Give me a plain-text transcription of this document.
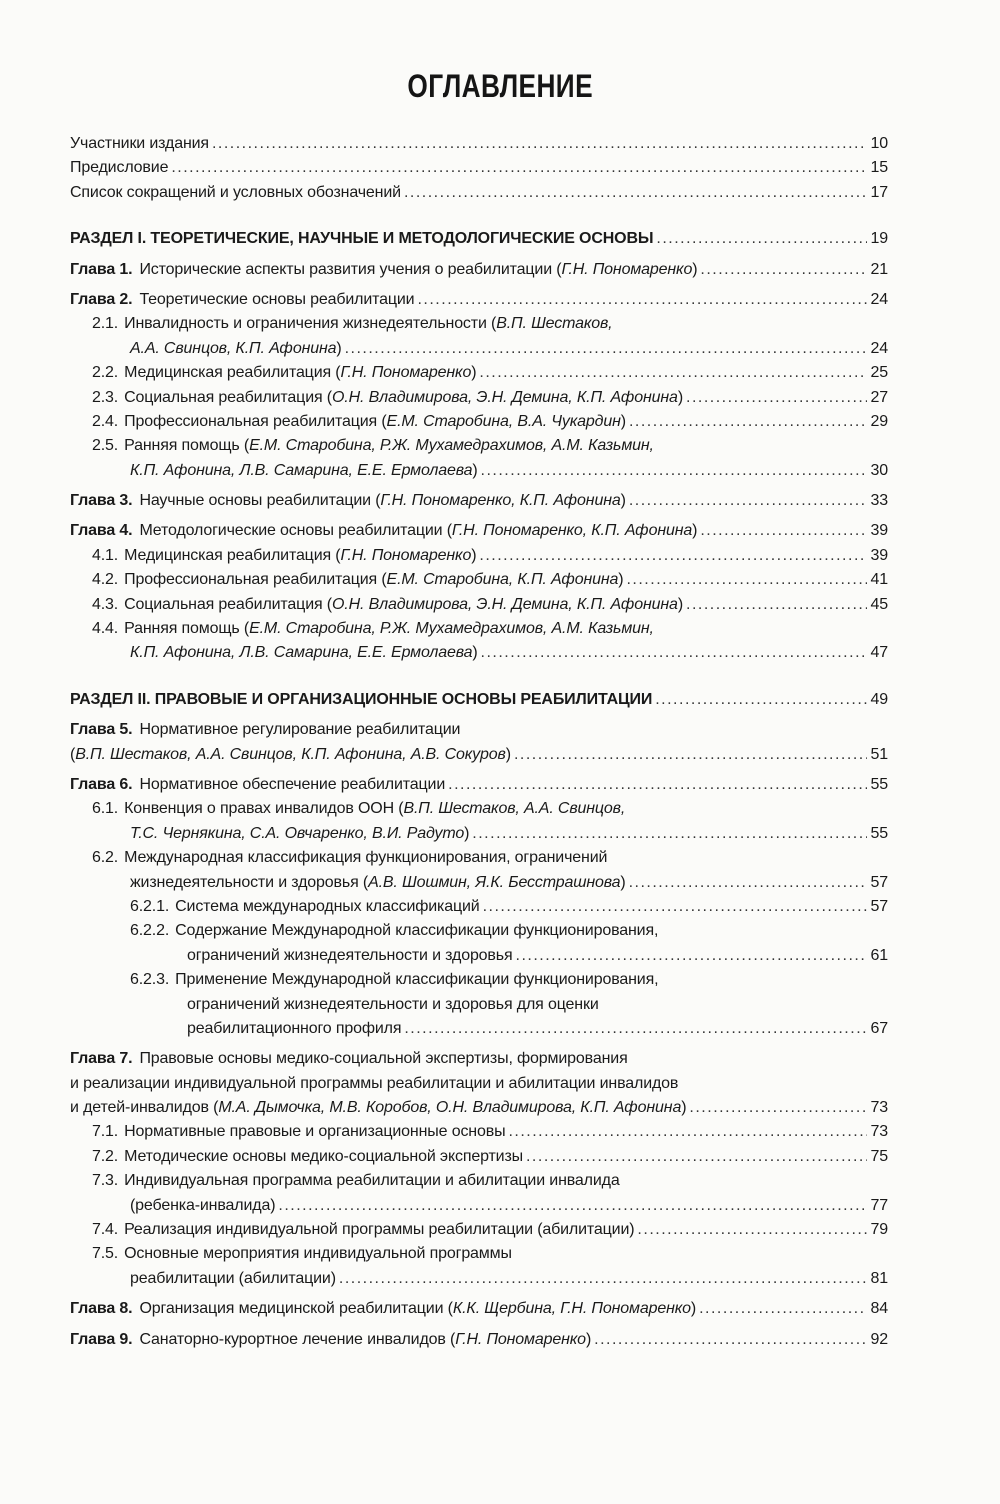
ОГЛАВЛЕНИЕ
Участники издания .....	10
Предисловие .....	15
Список сокращений и условных обозначений .....	17
РАЗДЕЛ I. ТЕОРЕТИЧЕСКИЕ, НАУЧНЫЕ И МЕТОДОЛОГИЧЕСКИЕ ОСНОВЫ .....	19
Глава 1. Исторические аспекты развития учения о реабилитации (Г.Н. Пономаренко) .....	21
Глава 2. Теоретические основы реабилитации .....	24
2.1. Инвалидность и ограничения жизнедеятельности (В.П. Шестаков,
А.А. Свинцов, К.П. Афонина) .....	24
2.2. Медицинская реабилитация (Г.Н. Пономаренко) .....	25
2.3. Социальная реабилитация (О.Н. Владимирова, Э.Н. Демина, К.П. Афонина) .....	27
2.4. Профессиональная реабилитация (Е.М. Старобина, В.А. Чукардин) .....	29
2.5. Ранняя помощь (Е.М. Старобина, Р.Ж. Мухамедрахимов, А.М. Казьмин,
К.П. Афонина, Л.В. Самарина, Е.Е. Ермолаева) .....	30
Глава 3. Научные основы реабилитации (Г.Н. Пономаренко, К.П. Афонина) .....	33
Глава 4. Методологические основы реабилитации (Г.Н. Пономаренко, К.П. Афонина) .....	39
4.1. Медицинская реабилитация (Г.Н. Пономаренко) .....	39
4.2. Профессиональная реабилитация (Е.М. Старобина, К.П. Афонина) .....	41
4.3. Социальная реабилитация (О.Н. Владимирова, Э.Н. Демина, К.П. Афонина) .....	45
4.4. Ранняя помощь (Е.М. Старобина, Р.Ж. Мухамедрахимов, А.М. Казьмин,
К.П. Афонина, Л.В. Самарина, Е.Е. Ермолаева) .....	47
РАЗДЕЛ II. ПРАВОВЫЕ И ОРГАНИЗАЦИОННЫЕ ОСНОВЫ РЕАБИЛИТАЦИИ .....	49
Глава 5. Нормативное регулирование реабилитации
(В.П. Шестаков, А.А. Свинцов, К.П. Афонина, А.В. Сокуров) .....	51
Глава 6. Нормативное обеспечение реабилитации .....	55
6.1. Конвенция о правах инвалидов ООН (В.П. Шестаков, А.А. Свинцов,
Т.С. Чернякина, С.А. Овчаренко, В.И. Радуто) .....	55
6.2. Международная классификация функционирования, ограничений
жизнедеятельности и здоровья (А.В. Шошмин, Я.К. Бесстрашнова) .....	57
6.2.1. Система международных классификаций .....	57
6.2.2. Содержание Международной классификации функционирования,
ограничений жизнедеятельности и здоровья .....	61
6.2.3. Применение Международной классификации функционирования,
ограничений жизнедеятельности и здоровья для оценки
реабилитационного профиля .....	67
Глава 7. Правовые основы медико-социальной экспертизы, формирования
и реализации индивидуальной программы реабилитации и абилитации инвалидов
и детей-инвалидов (М.А. Дымочка, М.В. Коробов, О.Н. Владимирова, К.П. Афонина) .....	73
7.1. Нормативные правовые и организационные основы .....	73
7.2. Методические основы медико-социальной экспертизы .....	75
7.3. Индивидуальная программа реабилитации и абилитации инвалида
(ребенка-инвалида) .....	77
7.4. Реализация индивидуальной программы реабилитации (абилитации) .....	79
7.5. Основные мероприятия индивидуальной программы
реабилитации (абилитации) .....	81
Глава 8. Организация медицинской реабилитации (К.К. Щербина, Г.Н. Пономаренко) .....	84
Глава 9. Санаторно-курортное лечение инвалидов (Г.Н. Пономаренко) .....	92
